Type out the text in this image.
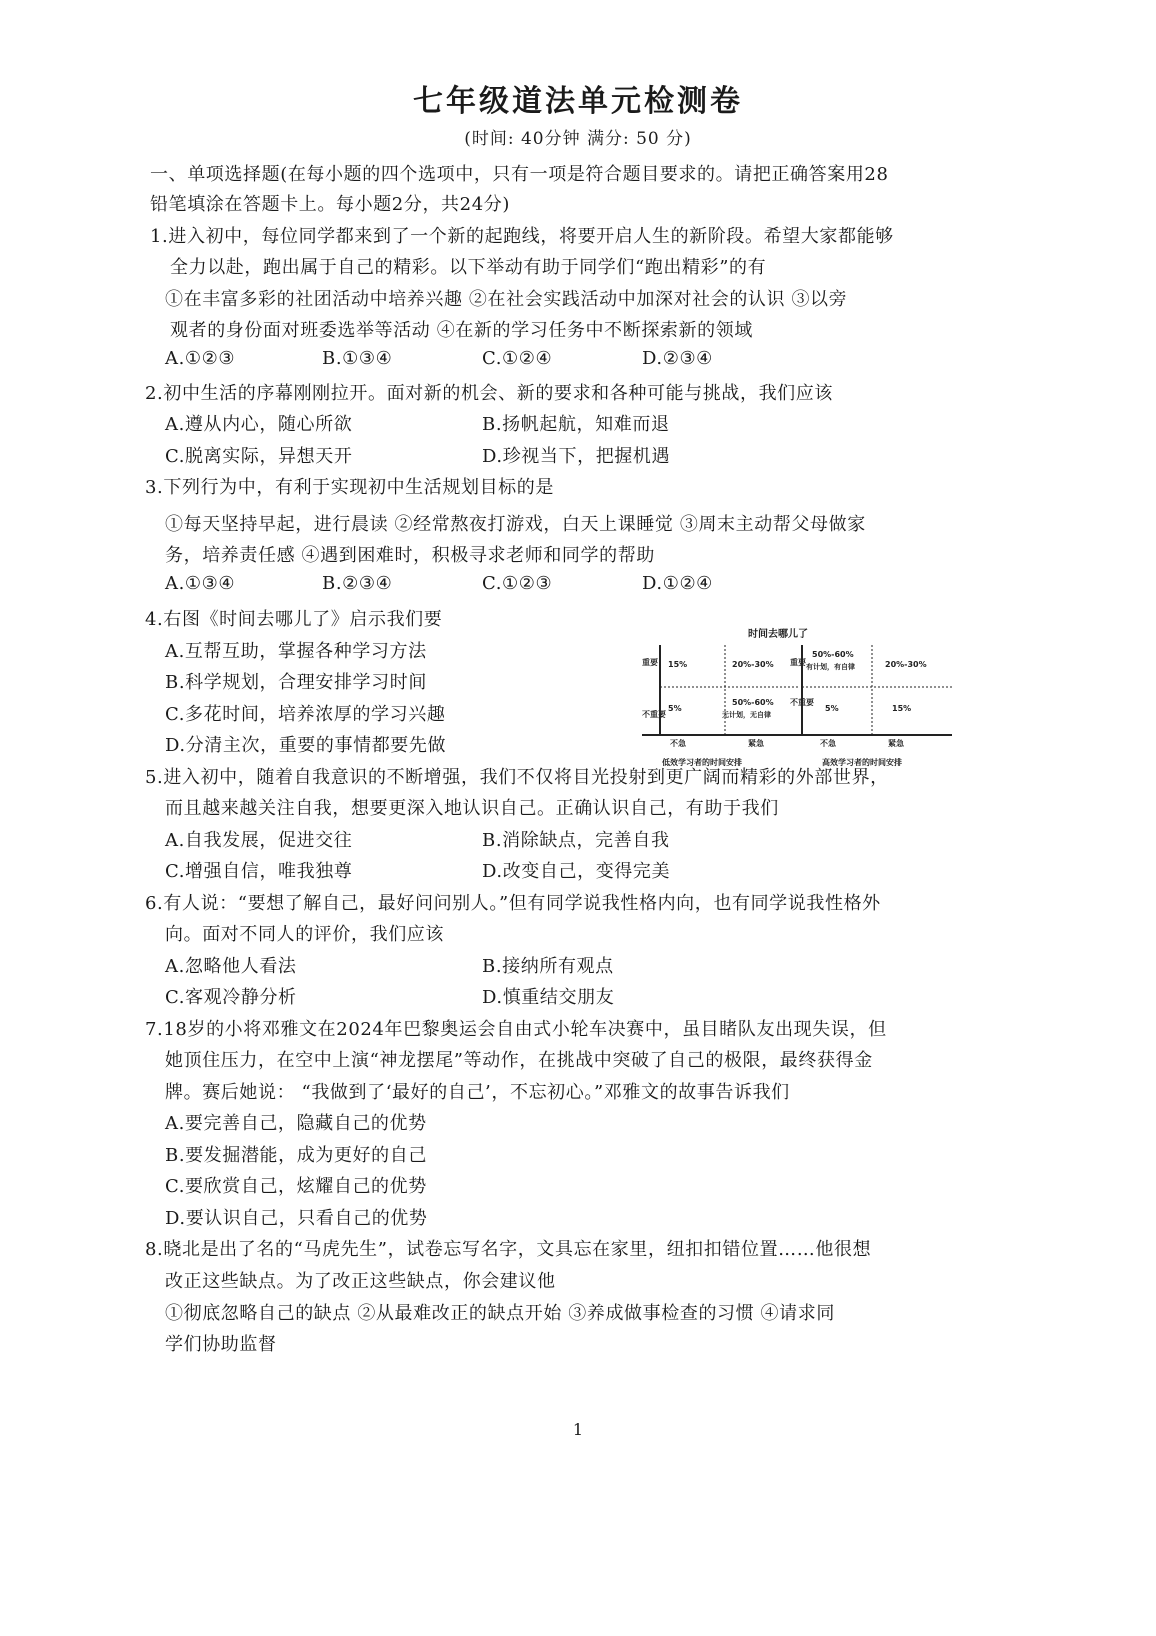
七年级道法单元检测卷
(时间: 40分钟 满分: 50 分)
一、单项选择题(在每小题的四个选项中，只有一项是符合题目要求的。请把正确答案用28
铅笔填涂在答题卡上。每小题2分，共24分)
1.进入初中，每位同学都来到了一个新的起跑线，将要开启人生的新阶段。希望大家都能够
全力以赴，跑出属于自己的精彩。以下举动有助于同学们“跑出精彩”的有
①在丰富多彩的社团活动中培养兴趣 ②在社会实践活动中加深对社会的认识 ③以旁
观者的身份面对班委选举等活动 ④在新的学习任务中不断探索新的领域
A.①②③	B.①③④	C.①②④	D.②③④
2.初中生活的序幕刚刚拉开。面对新的机会、新的要求和各种可能与挑战，我们应该
A.遵从内心，随心所欲	B.扬帆起航，知难而退
C.脱离实际，异想天开	D.珍视当下，把握机遇
3.下列行为中，有利于实现初中生活规划目标的是
①每天坚持早起，进行晨读 ②经常熬夜打游戏，白天上课睡觉 ③周末主动帮父母做家
务，培养责任感 ④遇到困难时，积极寻求老师和同学的帮助
A.①③④	B.②③④	C.①②③	D.①②④
4.右图《时间去哪儿了》启示我们要
A.互帮互助，掌握各种学习方法
B.科学规划，合理安排学习时间
C.多花时间，培养浓厚的学习兴趣
D.分清主次，重要的事情都要先做
时间去哪儿了
重要
不重要
不急	紧急
15%	20%-30%
5%
50%-60%
无计划，无自律
低效学习者的时间安排
重要
不重要
不急	紧急
50%-60%
有计划，有自律	20%-30%
5%	15%
高效学习者的时间安排
5.进入初中，随着自我意识的不断增强，我们不仅将目光投射到更广阔而精彩的外部世界，
而且越来越关注自我，想要更深入地认识自己。正确认识自己，有助于我们
A.自我发展，促进交往	B.消除缺点，完善自我
C.增强自信，唯我独尊	D.改变自己，变得完美
6.有人说：“要想了解自己，最好问问别人。”但有同学说我性格内向，也有同学说我性格外
向。面对不同人的评价，我们应该
A.忽略他人看法	B.接纳所有观点
C.客观冷静分析	D.慎重结交朋友
7.18岁的小将邓雅文在2024年巴黎奥运会自由式小轮车决赛中，虽目睹队友出现失误，但
她顶住压力，在空中上演“神龙摆尾”等动作，在挑战中突破了自己的极限，最终获得金
牌。赛后她说： “我做到了‘最好的自己’，不忘初心。”邓雅文的故事告诉我们
A.要完善自己，隐藏自己的优势
B.要发掘潜能，成为更好的自己
C.要欣赏自己，炫耀自己的优势
D.要认识自己，只看自己的优势
8.晓北是出了名的“马虎先生”，试卷忘写名字，文具忘在家里，纽扣扣错位置……他很想
改正这些缺点。为了改正这些缺点，你会建议他
①彻底忽略自己的缺点 ②从最难改正的缺点开始 ③养成做事检查的习惯 ④请求同
学们协助监督
1
